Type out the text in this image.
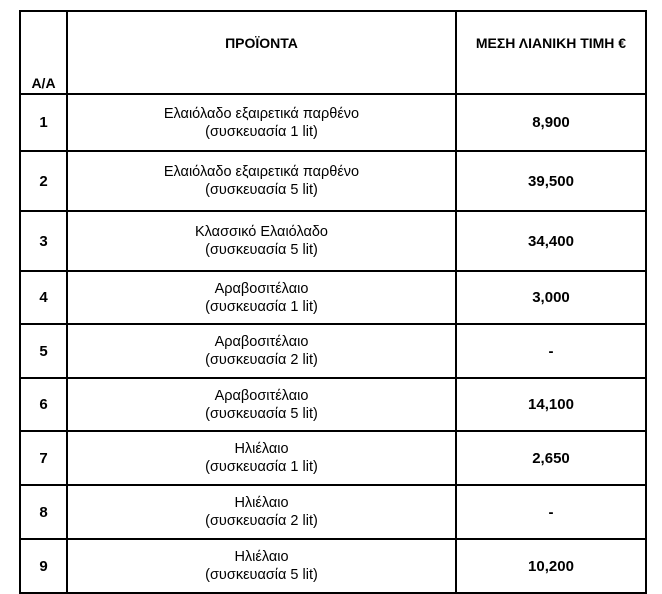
Α/Α	ΠΡΟΪΟΝΤΑ	ΜΕΣΗ ΛΙΑΝΙΚΗ ΤΙΜΗ €
1	Ελαιόλαδο εξαιρετικά παρθένο
(συσκευασία 1 lit)	8,900
2	Ελαιόλαδο εξαιρετικά παρθένο
(συσκευασία 5 lit)	39,500
3	Κλασσικό Ελαιόλαδο
(συσκευασία 5 lit)	34,400
4	Αραβοσιτέλαιο
(συσκευασία 1 lit)	3,000
5	Αραβοσιτέλαιο
(συσκευασία 2 lit)	-
6	Αραβοσιτέλαιο
(συσκευασία 5 lit)	14,100
7	Ηλιέλαιο
(συσκευασία 1 lit)	2,650
8	Ηλιέλαιο
(συσκευασία 2 lit)	-
9	Ηλιέλαιο
(συσκευασία 5 lit)	10,200
